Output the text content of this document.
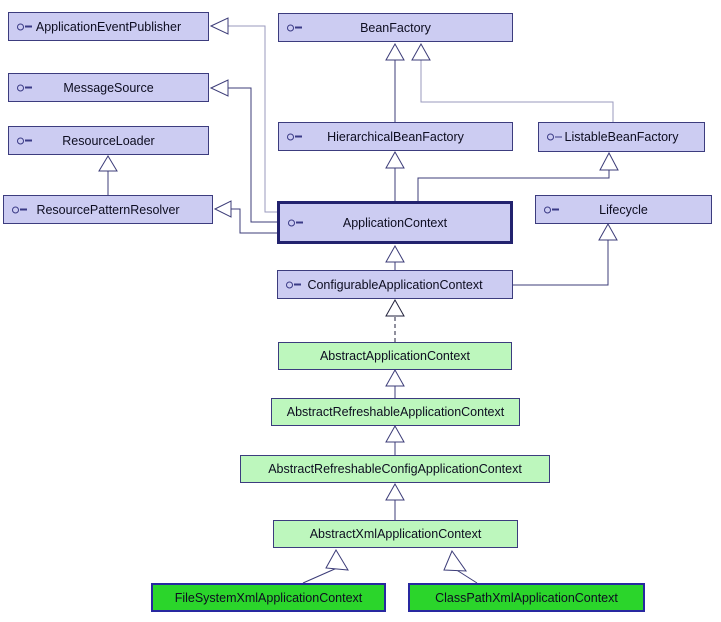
ApplicationEventPublisher	BeanFactory
MessageSource
ResourceLoader
ResourcePatternResolver
HierarchicalBeanFactory	ListableBeanFactory
ApplicationContext
Lifecycle
ConfigurableApplicationContext
AbstractApplicationContext
AbstractRefreshableApplicationContext
AbstractRefreshableConfigApplicationContext
AbstractXmlApplicationContext
FileSystemXmlApplicationContext	ClassPathXmlApplicationContext
